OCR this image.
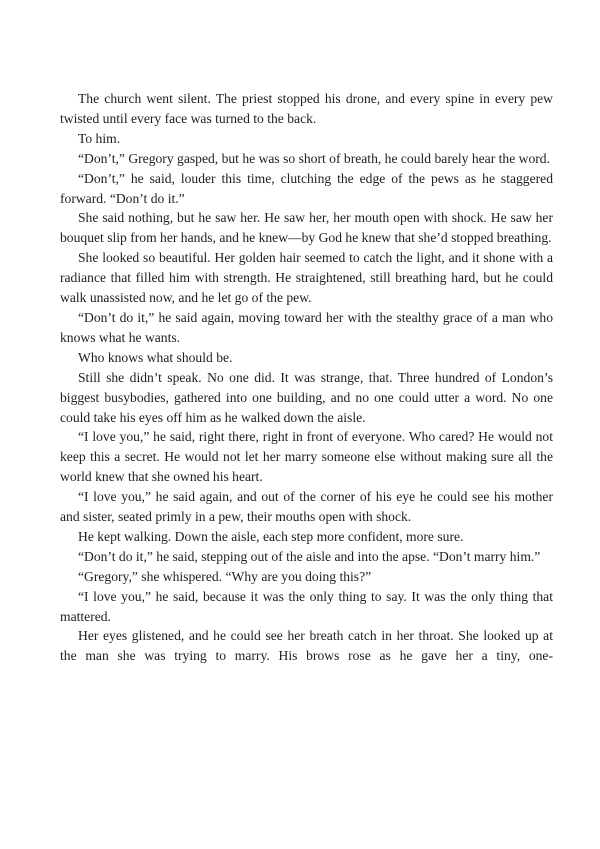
The church went silent. The priest stopped his drone, and every spine in every pew twisted until every face was turned to the back.

To him.

“Don’t,” Gregory gasped, but he was so short of breath, he could barely hear the word.

“Don’t,” he said, louder this time, clutching the edge of the pews as he staggered forward. “Don’t do it.”

She said nothing, but he saw her. He saw her, her mouth open with shock. He saw her bouquet slip from her hands, and he knew—by God he knew that she’d stopped breathing.

She looked so beautiful. Her golden hair seemed to catch the light, and it shone with a radiance that filled him with strength. He straightened, still breathing hard, but he could walk unassisted now, and he let go of the pew.

“Don’t do it,” he said again, moving toward her with the stealthy grace of a man who knows what he wants.

Who knows what should be.

Still she didn’t speak. No one did. It was strange, that. Three hundred of London’s biggest busybodies, gathered into one building, and no one could utter a word. No one could take his eyes off him as he walked down the aisle.

“I love you,” he said, right there, right in front of everyone. Who cared? He would not keep this a secret. He would not let her marry someone else without making sure all the world knew that she owned his heart.

“I love you,” he said again, and out of the corner of his eye he could see his mother and sister, seated primly in a pew, their mouths open with shock.

He kept walking. Down the aisle, each step more confident, more sure.

“Don’t do it,” he said, stepping out of the aisle and into the apse. “Don’t marry him.”

“Gregory,” she whispered. “Why are you doing this?”

“I love you,” he said, because it was the only thing to say. It was the only thing that mattered.

Her eyes glistened, and he could see her breath catch in her throat. She looked up at the man she was trying to marry. His brows rose as he gave her a tiny, one-
